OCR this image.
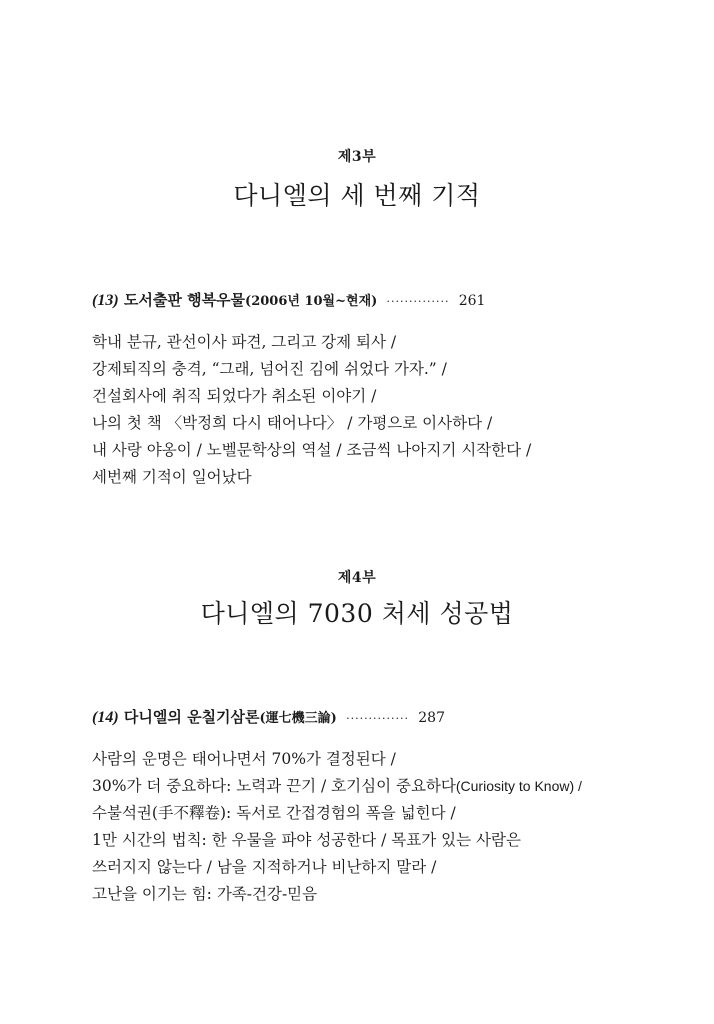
제3부
다니엘의 세 번째 기적
(13) 도서출판 행복우물(2006년 10월~현재) ·············· 261
학내 분규, 관선이사 파견, 그리고 강제 퇴사 /
강제퇴직의 충격, “그래, 넘어진 김에 쉬었다 가자.” /
건설회사에 취직 되었다가 취소된 이야기 /
나의 첫 책 〈박정희 다시 태어나다〉 / 가평으로 이사하다 /
내 사랑 야옹이 / 노벨문학상의 역설 / 조금씩 나아지기 시작한다 /
세번째 기적이 일어났다
제4부
다니엘의 7030 처세 성공법
(14) 다니엘의 운칠기삼론(運七機三論) ·············· 287
사람의 운명은 태어나면서 70%가 결정된다 /
30%가 더 중요하다: 노력과 끈기 / 호기심이 중요하다(Curiosity to Know) /
수불석권(手不釋卷): 독서로 간접경험의 폭을 넓힌다 /
1만 시간의 법칙: 한 우물을 파야 성공한다 / 목표가 있는 사람은
쓰러지지 않는다 / 남을 지적하거나 비난하지 말라 /
고난을 이기는 힘: 가족-건강-믿음
